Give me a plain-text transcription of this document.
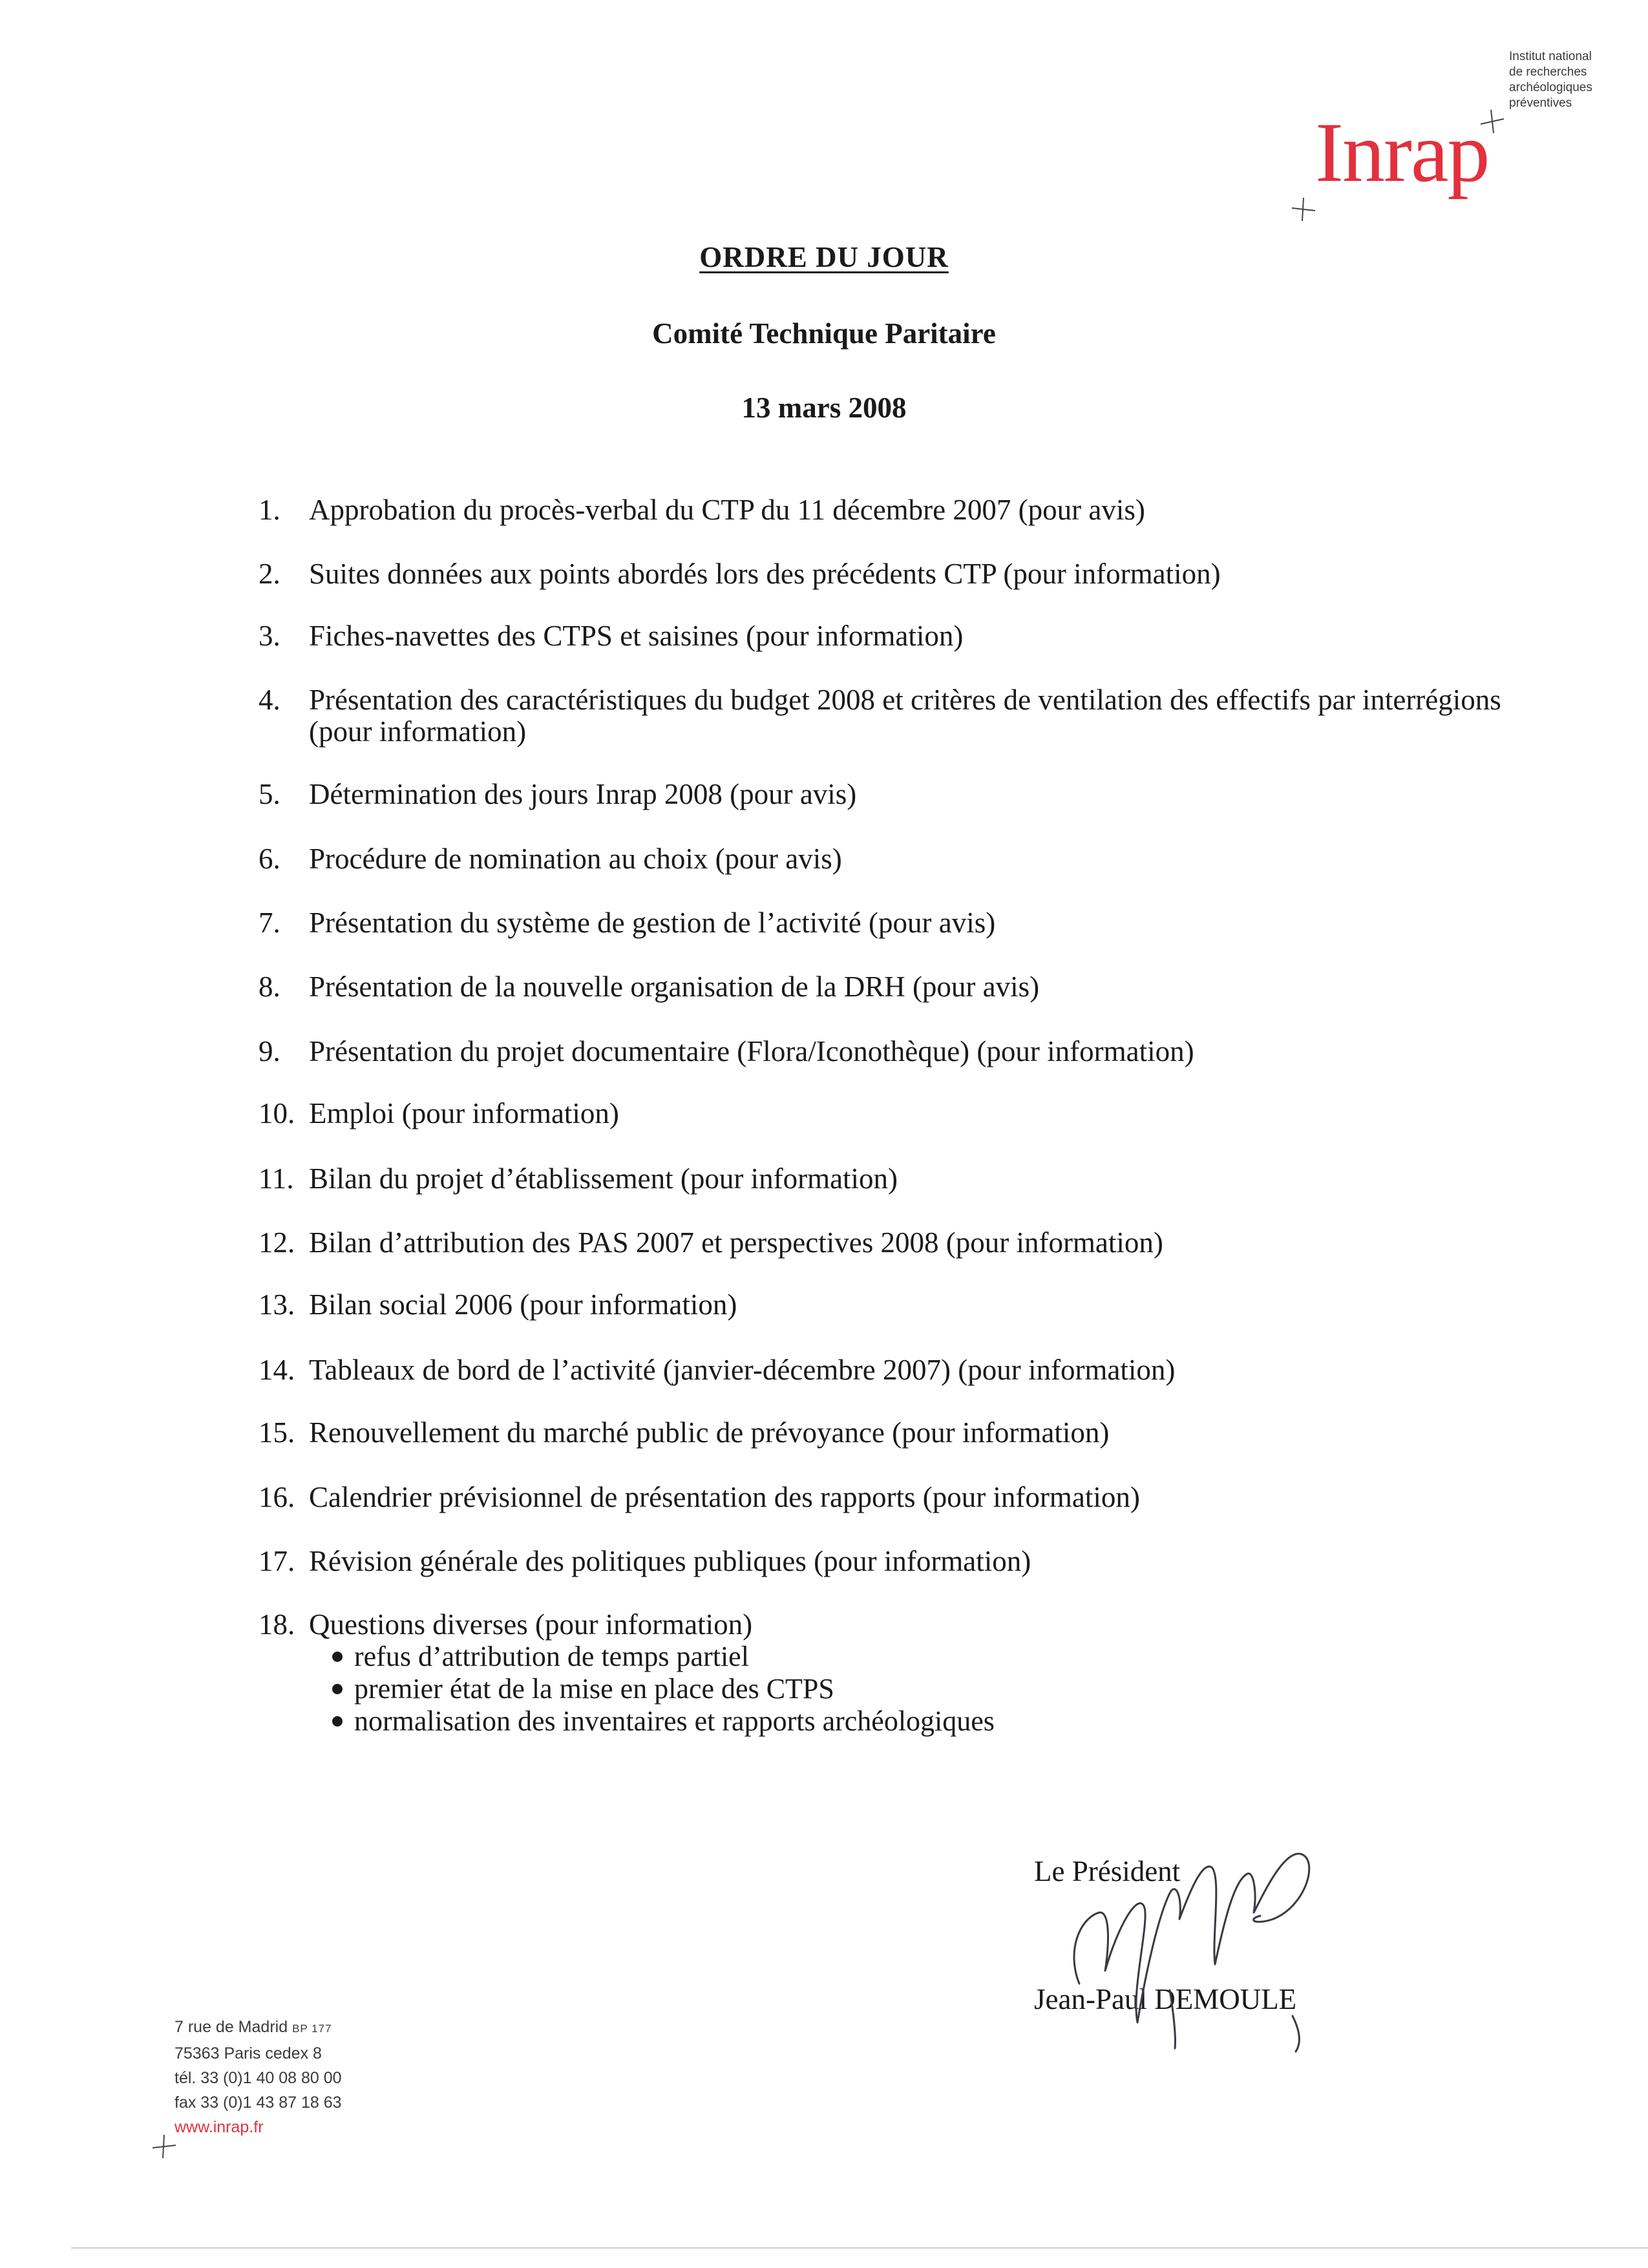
Institut national
de recherches
archéologiques
préventives
Inrap
ORDRE DU JOUR
Comité Technique Paritaire
13 mars 2008
1. Approbation du procès-verbal du CTP du 11 décembre 2007 (pour avis)
2. Suites données aux points abordés lors des précédents CTP (pour information)
3. Fiches-navettes des CTPS et saisines (pour information)
4. Présentation des caractéristiques du budget 2008 et critères de ventilation des effectifs par interrégions (pour information)
5. Détermination des jours Inrap 2008 (pour avis)
6. Procédure de nomination au choix (pour avis)
7. Présentation du système de gestion de l’activité (pour avis)
8. Présentation de la nouvelle organisation de la DRH (pour avis)
9. Présentation du projet documentaire (Flora/Iconothèque) (pour information)
10. Emploi (pour information)
11. Bilan du projet d’établissement (pour information)
12. Bilan d’attribution des PAS 2007 et perspectives 2008 (pour information)
13. Bilan social 2006 (pour information)
14. Tableaux de bord de l’activité (janvier-décembre 2007) (pour information)
15. Renouvellement du marché public de prévoyance (pour information)
16. Calendrier prévisionnel de présentation des rapports (pour information)
17. Révision générale des politiques publiques (pour information)
18. Questions diverses (pour information)
refus d’attribution de temps partiel
premier état de la mise en place des CTPS
normalisation des inventaires et rapports archéologiques
Le Président
Jean-Paul DEMOULE
7 rue de Madrid BP 177
75363 Paris cedex 8
tél. 33 (0)1 40 08 80 00
fax 33 (0)1 43 87 18 63
www.inrap.fr
